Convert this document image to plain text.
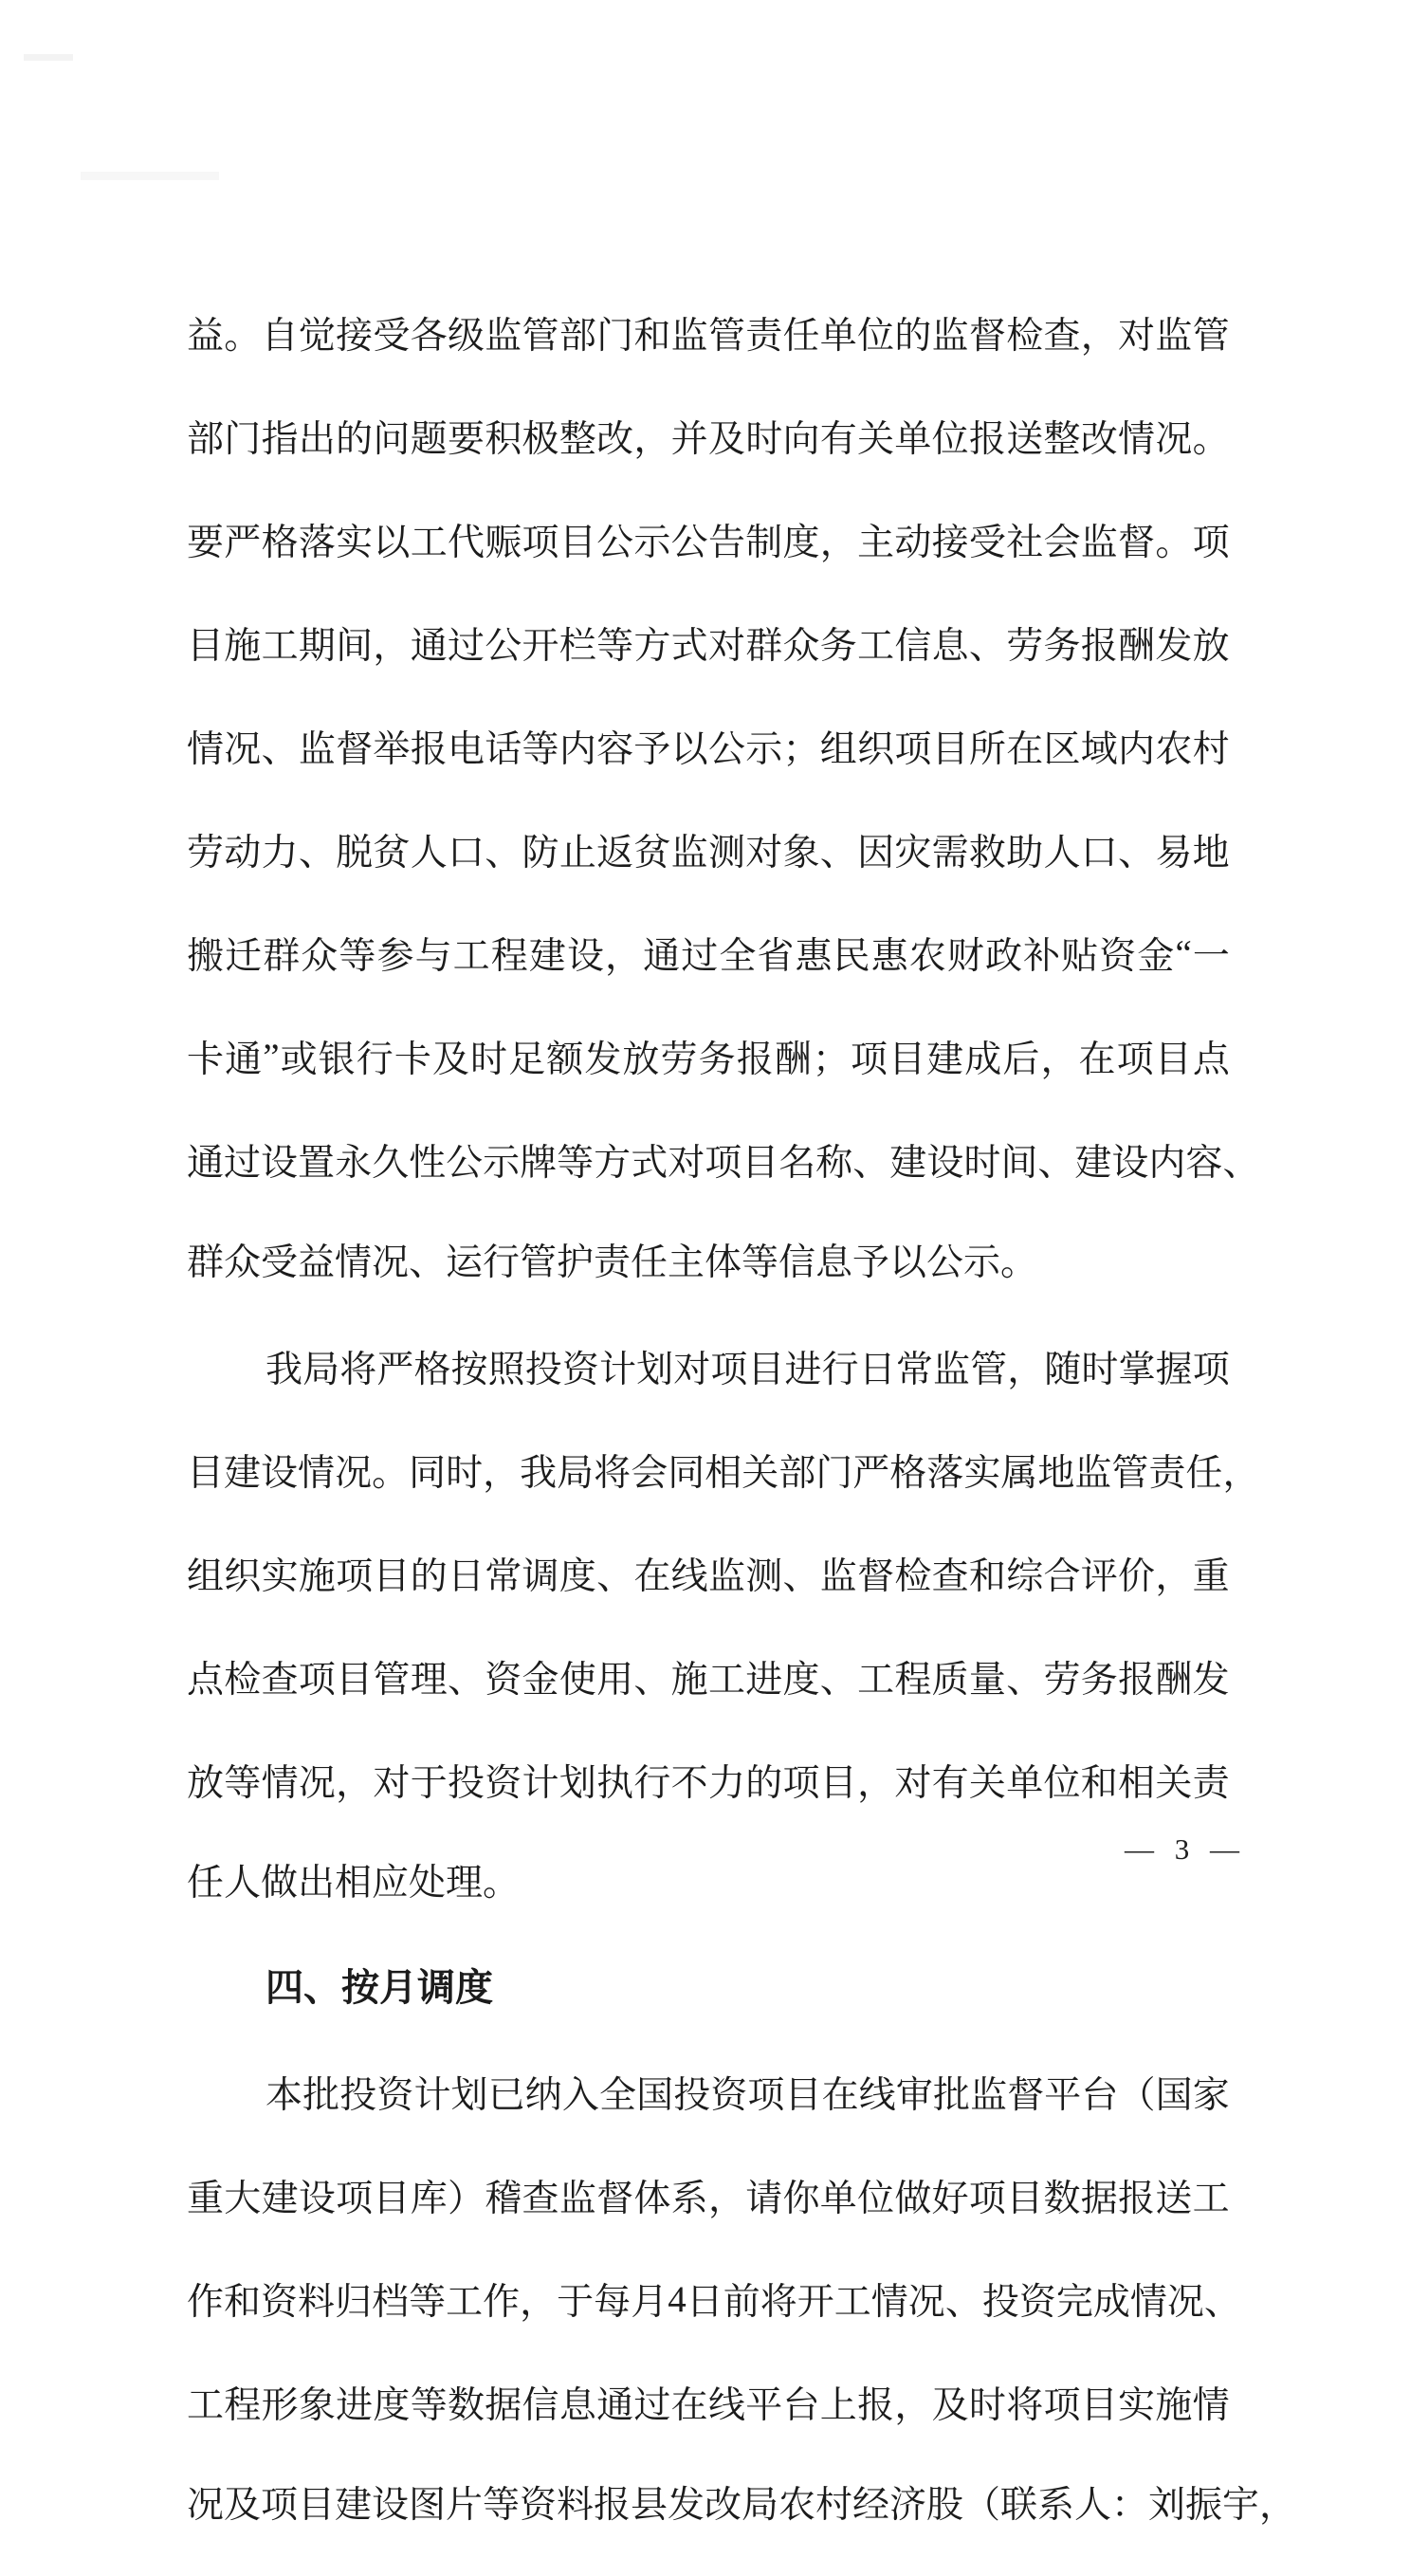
益 。 自 觉 接 受 各 级 监 管 部 门 和 监 管 责 任 单 位 的 监 督 检 查 ， 对 监 管

部 门 指 出 的 问 题 要 积 极 整 改 ， 并 及 时 向 有 关 单 位 报 送 整 改 情 况 。

要 严 格 落 实 以 工 代 赈 项 目 公 示 公 告 制 度 ， 主 动 接 受 社 会 监 督 。 项

目 施 工 期 间 ， 通 过 公 开 栏 等 方 式 对 群 众 务 工 信 息 、 劳 务 报 酬 发 放

情 况 、 监 督 举 报 电 话 等 内 容 予 以 公 示 ； 组 织 项 目 所 在 区 域 内 农 村

劳 动 力 、 脱 贫 人 口 、 防 止 返 贫 监 测 对 象 、 因 灾 需 救 助 人 口 、 易 地

搬 迁 群 众 等 参 与 工 程 建 设 ， 通 过 全 省 惠 民 惠 农 财 政 补 贴 资 金 “ 一

卡 通 ” 或 银 行 卡 及 时 足 额 发 放 劳 务 报 酬 ； 项 目 建 成 后 ， 在 项 目 点

通 过 设 置 永 久 性 公 示 牌 等 方 式 对 项 目 名 称 、 建 设 时 间 、 建 设 内 容 、

群众受益情况、运行管护责任主体等信息予以公示。

我 局 将 严 格 按 照 投 资 计 划 对 项 目 进 行 日 常 监 管 ， 随 时 掌 握 项

目 建 设 情 况 。 同 时 ， 我 局 将 会 同 相 关 部 门 严 格 落 实 属 地 监 管 责 任 ，

组 织 实 施 项 目 的 日 常 调 度 、 在 线 监 测 、 监 督 检 查 和 综 合 评 价 ， 重

点 检 查 项 目 管 理 、 资 金 使 用 、 施 工 进 度 、 工 程 质 量 、 劳 务 报 酬 发

放 等 情 况 ， 对 于 投 资 计 划 执 行 不 力 的 项 目 ， 对 有 关 单 位 和 相 关 责

任人做出相应处理。

四、按月调度

本 批 投 资 计 划 已 纳 入 全 国 投 资 项 目 在 线 审 批 监 督 平 台 （ 国 家

重 大 建 设 项 目 库 ） 稽 查 监 督 体 系 ， 请 你 单 位 做 好 项 目 数 据 报 送 工

作 和 资 料 归 档 等 工 作 ， 于 每 月 4 日 前 将 开 工 情 况 、 投 资 完 成 情 况 、

工 程 形 象 进 度 等 数 据 信 息 通 过 在 线 平 台 上 报 ， 及 时 将 项 目 实 施 情

况及项目建设图片等资料报县发改局农村经济股（联系人：刘振宇，

— 3 —
